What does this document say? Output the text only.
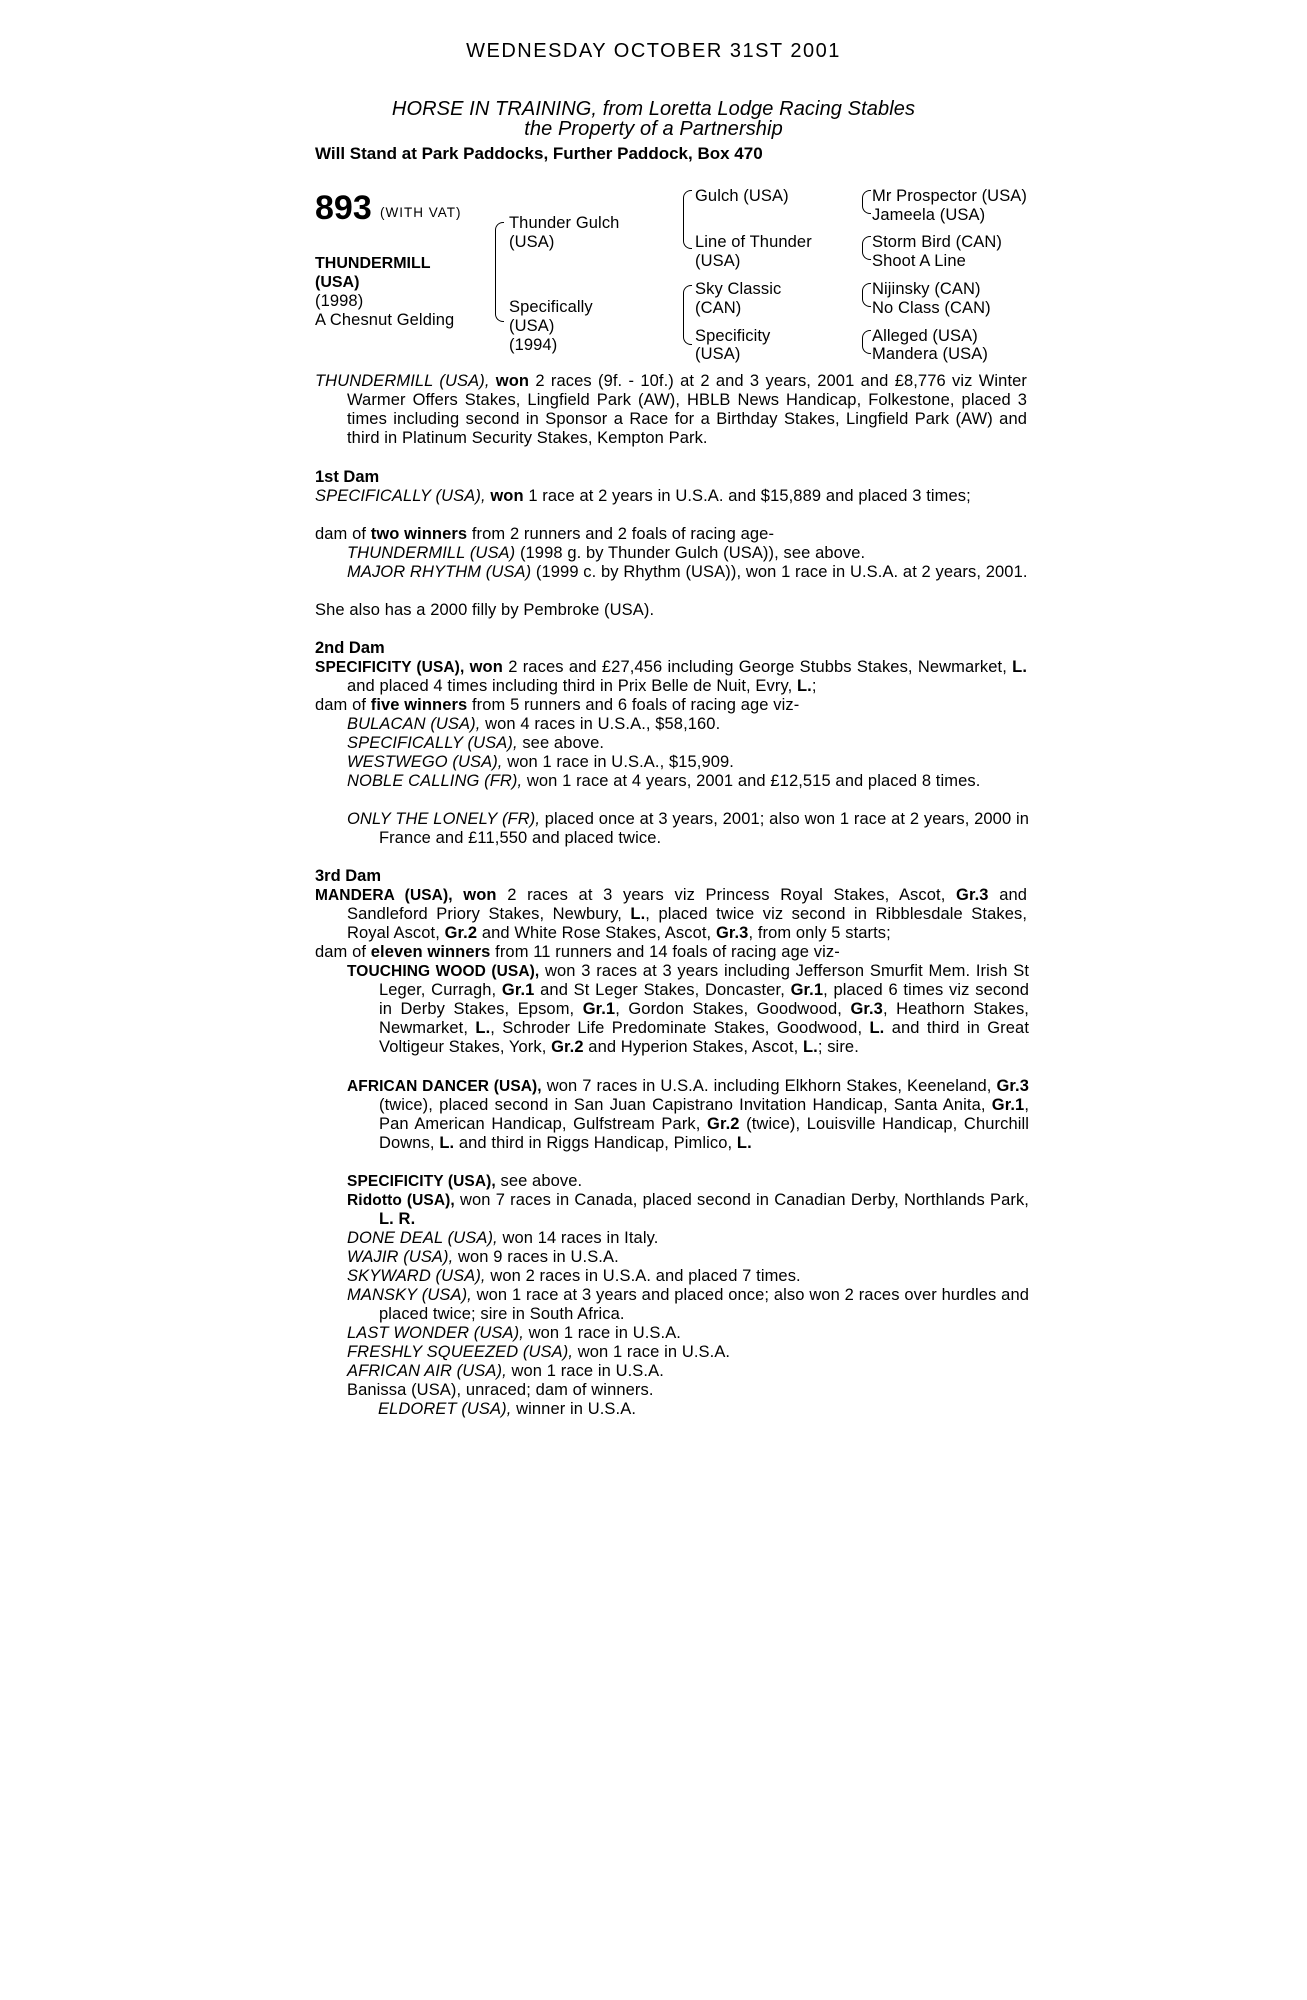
WEDNESDAY OCTOBER 31ST 2001
HORSE IN TRAINING, from Loretta Lodge Racing Stables
the Property of a Partnership
Will Stand at Park Paddocks, Further Paddock, Box 470
893 (WITH VAT)
THUNDERMILL
(USA)
(1998)
A Chesnut Gelding
Thunder Gulch
(USA)
Specifically
(USA)
(1994)
Gulch (USA)
Line of Thunder
(USA)
Sky Classic
(CAN)
Specificity
(USA)
Mr Prospector (USA)
Jameela (USA)
Storm Bird (CAN)
Shoot A Line
Nijinsky (CAN)
No Class (CAN)
Alleged (USA)
Mandera (USA)
THUNDERMILL (USA), won 2 races (9f. - 10f.) at 2 and 3 years, 2001 and £8,776 viz Winter Warmer Offers Stakes, Lingfield Park (AW), HBLB News Handicap, Folkestone, placed 3 times including second in Sponsor a Race for a Birthday Stakes, Lingfield Park (AW) and third in Platinum Security Stakes, Kempton Park.
1st Dam
SPECIFICALLY (USA), won 1 race at 2 years in U.S.A. and $15,889 and placed 3 times;
dam of two winners from 2 runners and 2 foals of racing age-
THUNDERMILL (USA) (1998 g. by Thunder Gulch (USA)), see above.
MAJOR RHYTHM (USA) (1999 c. by Rhythm (USA)), won 1 race in U.S.A. at 2 years, 2001.
She also has a 2000 filly by Pembroke (USA).
2nd Dam
SPECIFICITY (USA), won 2 races and £27,456 including George Stubbs Stakes, Newmarket, L. and placed 4 times including third in Prix Belle de Nuit, Evry, L.;
dam of five winners from 5 runners and 6 foals of racing age viz-
BULACAN (USA), won 4 races in U.S.A., $58,160.
SPECIFICALLY (USA), see above.
WESTWEGO (USA), won 1 race in U.S.A., $15,909.
NOBLE CALLING (FR), won 1 race at 4 years, 2001 and £12,515 and placed 8 times.
ONLY THE LONELY (FR), placed once at 3 years, 2001; also won 1 race at 2 years, 2000 in France and £11,550 and placed twice.
3rd Dam
MANDERA (USA), won 2 races at 3 years viz Princess Royal Stakes, Ascot, Gr.3 and Sandleford Priory Stakes, Newbury, L., placed twice viz second in Ribblesdale Stakes, Royal Ascot, Gr.2 and White Rose Stakes, Ascot, Gr.3, from only 5 starts;
dam of eleven winners from 11 runners and 14 foals of racing age viz-
TOUCHING WOOD (USA), won 3 races at 3 years including Jefferson Smurfit Mem. Irish St Leger, Curragh, Gr.1 and St Leger Stakes, Doncaster, Gr.1, placed 6 times viz second in Derby Stakes, Epsom, Gr.1, Gordon Stakes, Goodwood, Gr.3, Heathorn Stakes, Newmarket, L., Schroder Life Predominate Stakes, Goodwood, L. and third in Great Voltigeur Stakes, York, Gr.2 and Hyperion Stakes, Ascot, L.; sire.
AFRICAN DANCER (USA), won 7 races in U.S.A. including Elkhorn Stakes, Keeneland, Gr.3 (twice), placed second in San Juan Capistrano Invitation Handicap, Santa Anita, Gr.1, Pan American Handicap, Gulfstream Park, Gr.2 (twice), Louisville Handicap, Churchill Downs, L. and third in Riggs Handicap, Pimlico, L.
SPECIFICITY (USA), see above.
Ridotto (USA), won 7 races in Canada, placed second in Canadian Derby, Northlands Park, L. R.
DONE DEAL (USA), won 14 races in Italy.
WAJIR (USA), won 9 races in U.S.A.
SKYWARD (USA), won 2 races in U.S.A. and placed 7 times.
MANSKY (USA), won 1 race at 3 years and placed once; also won 2 races over hurdles and placed twice; sire in South Africa.
LAST WONDER (USA), won 1 race in U.S.A.
FRESHLY SQUEEZED (USA), won 1 race in U.S.A.
AFRICAN AIR (USA), won 1 race in U.S.A.
Banissa (USA), unraced; dam of winners.
ELDORET (USA), winner in U.S.A.
